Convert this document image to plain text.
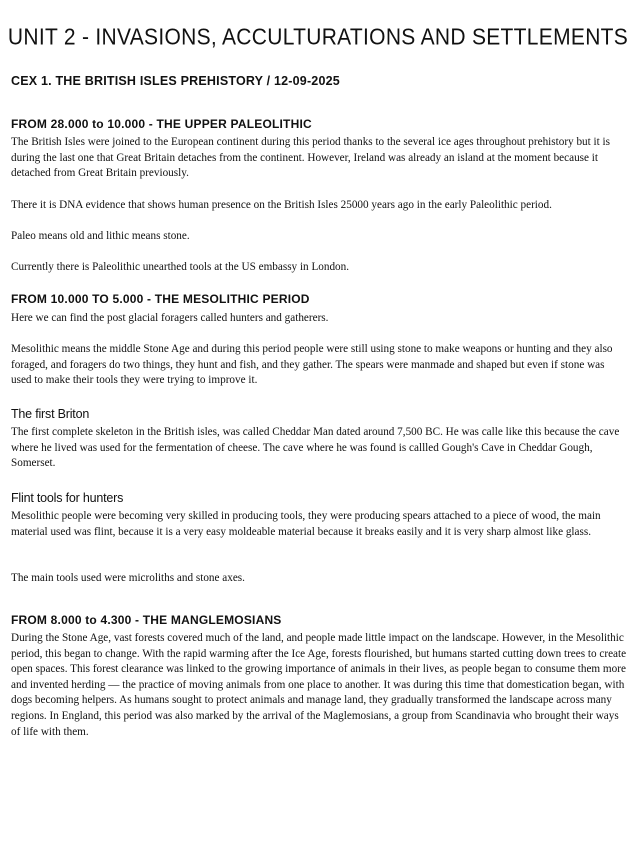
UNIT 2 - INVASIONS, ACCULTURATIONS AND SETTLEMENTS
CEX 1. THE BRITISH ISLES PREHISTORY / 12-09-2025
FROM 28.000 to 10.000 - THE UPPER PALEOLITHIC

The British Isles were joined to the European continent during this period thanks to the several ice ages throughout prehistory but it is during the last one that Great Britain detaches from the continent. However, Ireland was already an island at the moment because it detached from Great Britain previously.

There it is DNA evidence that shows human presence on the British Isles 25000 years ago in the early Paleolithic period.

Paleo means old and lithic means stone.

Currently there is Paleolithic unearthed tools at the US embassy in London.

FROM 10.000 TO 5.000 - THE MESOLITHIC PERIOD

Here we can find the post glacial foragers called hunters and gatherers.

Mesolithic means the middle Stone Age and during this period people were still using stone to make weapons or hunting and they also foraged, and foragers do two things, they hunt and fish, and they gather. The spears were manmade and shaped but even if stone was used to make their tools they were trying to improve it.

The first Briton

The first complete skeleton in the British isles, was called Cheddar Man dated around 7,500 BC. He was calle like this because the cave where he lived was used for the fermentation of cheese. The cave where he was found is callled Gough's Cave in Cheddar Gough, Somerset.

Flint tools for hunters

Mesolithic people were becoming very skilled in producing tools, they were producing spears attached to a piece of wood, the main material used was flint, because it is a very easy moldeable material because it breaks easily and it is very sharp almost like glass.

The main tools used were microliths and stone axes.

FROM 8.000 to 4.300 - THE MANGLEMOSIANS

During the Stone Age, vast forests covered much of the land, and people made little impact on the landscape. However, in the Mesolithic period, this began to change. With the rapid warming after the Ice Age, forests flourished, but humans started cutting down trees to create open spaces. This forest clearance was linked to the growing importance of animals in their lives, as people began to consume them more and invented herding — the practice of moving animals from one place to another. It was during this time that domestication began, with dogs becoming helpers. As humans sought to protect animals and manage land, they gradually transformed the landscape across many regions. In England, this period was also marked by the arrival of the Maglemosians, a group from Scandinavia who brought their ways of life with them.
